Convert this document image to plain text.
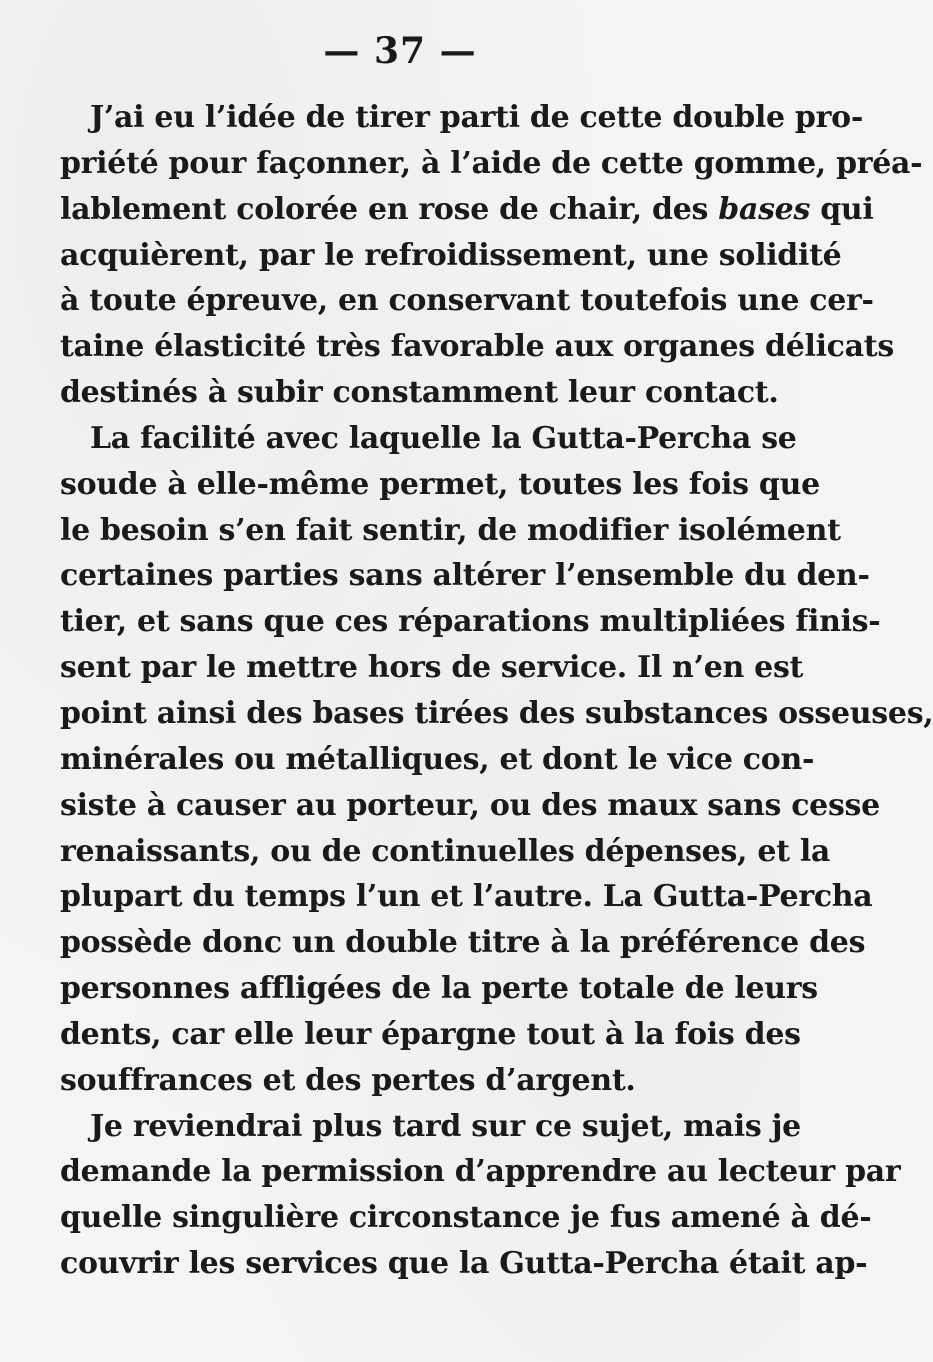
— 37 —
J’ai eu l’idée de tirer parti de cette double pro-
priété pour façonner, à l’aide de cette gomme, préa-
lablement colorée en rose de chair, des bases qui
acquièrent, par le refroidissement, une solidité
à toute épreuve, en conservant toutefois une cer-
taine élasticité très favorable aux organes délicats
destinés à subir constamment leur contact.
La facilité avec laquelle la Gutta-Percha se
soude à elle-même permet, toutes les fois que
le besoin s’en fait sentir, de modifier isolément
certaines parties sans altérer l’ensemble du den-
tier, et sans que ces réparations multipliées finis-
sent par le mettre hors de service. Il n’en est
point ainsi des bases tirées des substances osseuses,
minérales ou métalliques, et dont le vice con-
siste à causer au porteur, ou des maux sans cesse
renaissants, ou de continuelles dépenses, et la
plupart du temps l’un et l’autre. La Gutta-Percha
possède donc un double titre à la préférence des
personnes affligées de la perte totale de leurs
dents, car elle leur épargne tout à la fois des
souffrances et des pertes d’argent.
Je reviendrai plus tard sur ce sujet, mais je
demande la permission d’apprendre au lecteur par
quelle singulière circonstance je fus amené à dé-
couvrir les services que la Gutta-Percha était ap-
